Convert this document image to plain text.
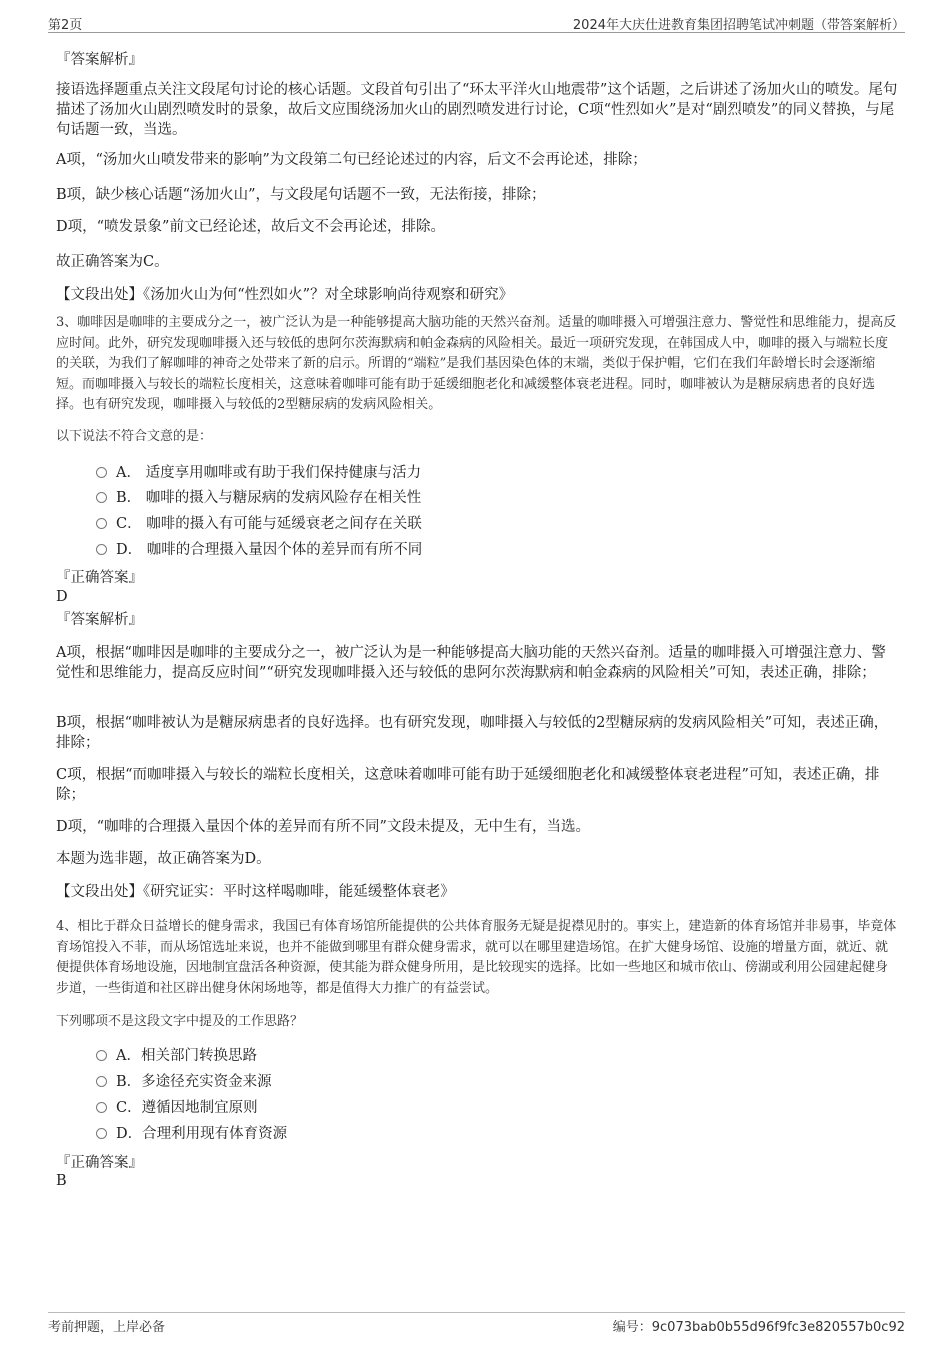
第2页	2024年大庆仕进教育集团招聘笔试冲刺题（带答案解析）
『答案解析』
接语选择题重点关注文段尾句讨论的核心话题。文段首句引出了“环太平洋火山地震带”这个话题，之后讲述了汤加火山的喷发。尾句描述了汤加火山剧烈喷发时的景象，故后文应围绕汤加火山的剧烈喷发进行讨论，C项“性烈如火”是对“剧烈喷发”的同义替换，与尾句话题一致，当选。
A项，“汤加火山喷发带来的影响”为文段第二句已经论述过的内容，后文不会再论述，排除；
B项，缺少核心话题“汤加火山”，与文段尾句话题不一致，无法衔接，排除；
D项，“喷发景象”前文已经论述，故后文不会再论述，排除。
故正确答案为C。
【文段出处】《汤加火山为何“性烈如火”？对全球影响尚待观察和研究》
3、咖啡因是咖啡的主要成分之一，被广泛认为是一种能够提高大脑功能的天然兴奋剂。适量的咖啡摄入可增强注意力、警觉性和思维能力，提高反应时间。此外，研究发现咖啡摄入还与较低的患阿尔茨海默病和帕金森病的风险相关。最近一项研究发现，在韩国成人中，咖啡的摄入与端粒长度的关联，为我们了解咖啡的神奇之处带来了新的启示。所谓的“端粒”是我们基因染色体的末端，类似于保护帽，它们在我们年龄增长时会逐渐缩短。而咖啡摄入与较长的端粒长度相关，这意味着咖啡可能有助于延缓细胞老化和减缓整体衰老进程。同时，咖啡被认为是糖尿病患者的良好选择。也有研究发现，咖啡摄入与较低的2型糖尿病的发病风险相关。
以下说法不符合文意的是：
A． 适度享用咖啡或有助于我们保持健康与活力
B． 咖啡的摄入与糖尿病的发病风险存在相关性
C． 咖啡的摄入有可能与延缓衰老之间存在关联
D． 咖啡的合理摄入量因个体的差异而有所不同
『正确答案』
D
『答案解析』
A项，根据“咖啡因是咖啡的主要成分之一，被广泛认为是一种能够提高大脑功能的天然兴奋剂。适量的咖啡摄入可增强注意力、警觉性和思维能力，提高反应时间”“研究发现咖啡摄入还与较低的患阿尔茨海默病和帕金森病的风险相关”可知，表述正确，排除；
B项，根据“咖啡被认为是糖尿病患者的良好选择。也有研究发现，咖啡摄入与较低的2型糖尿病的发病风险相关”可知，表述正确，排除；
C项，根据“而咖啡摄入与较长的端粒长度相关，这意味着咖啡可能有助于延缓细胞老化和减缓整体衰老进程”可知，表述正确，排除；
D项，“咖啡的合理摄入量因个体的差异而有所不同”文段未提及，无中生有，当选。
本题为选非题，故正确答案为D。
【文段出处】《研究证实：平时这样喝咖啡，能延缓整体衰老》
4、相比于群众日益增长的健身需求，我国已有体育场馆所能提供的公共体育服务无疑是捉襟见肘的。事实上，建造新的体育场馆并非易事，毕竟体育场馆投入不菲，而从场馆选址来说，也并不能做到哪里有群众健身需求，就可以在哪里建造场馆。在扩大健身场馆、设施的增量方面，就近、就便提供体育场地设施，因地制宜盘活各种资源，使其能为群众健身所用，是比较现实的选择。比如一些地区和城市依山、傍湖或利用公园建起健身步道，一些街道和社区辟出健身休闲场地等，都是值得大力推广的有益尝试。
下列哪项不是这段文字中提及的工作思路？
A．相关部门转换思路
B．多途径充实资金来源
C．遵循因地制宜原则
D．合理利用现有体育资源
『正确答案』
B
考前押题，上岸必备	编号：9c073bab0b55d96f9fc3e820557b0c92
